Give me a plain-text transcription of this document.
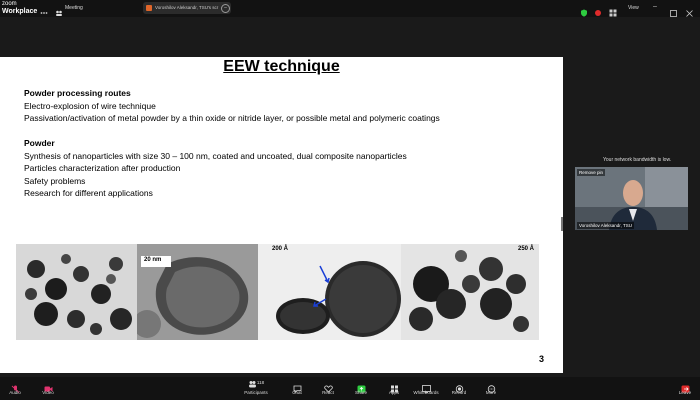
zoom
Workplace	Meeting	Voroshilov Aleksandr, TSU's scr	–	View –
EEW technique
Powder processing routes
Electro-explosion of wire technique
Passivation/activation of metal powder by a thin oxide or nitride layer, or possible metal and polymeric coatings
Powder
Synthesis of nanoparticles with size 30 – 100 nm, coated and uncoated, dual composite nanoparticles
Particles characterization after production
Safety problems
Research for different applications
20 nm
200 Å	250 Å
3
Your network bandwidth is low.
Remove pin
Voroshilov Aleksandr, TSU
Audio	Video
$^{118}$
Participants	Chat	React	Share	Apps	Whiteboards	Record	More	Leave
